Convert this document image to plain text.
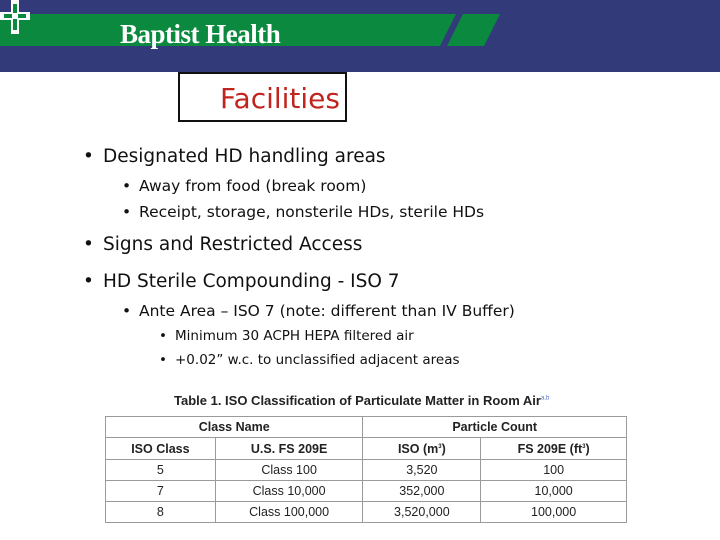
Baptist Health
Facilities
• Designated HD handling areas
• Away from food (break room)
• Receipt, storage, nonsterile HDs, sterile HDs
• Signs and Restricted Access
• HD Sterile Compounding - ISO 7
• Ante Area – ISO 7 (note: different than IV Buffer)
• Minimum 30 ACPH HEPA filtered air
• +0.02” w.c. to unclassified adjacent areas
Table 1. ISO Classification of Particulate Matter in Room Air$^{a,b}$
Class Name		Particle Count	
ISO Class	U.S. FS 209E	ISO $(m^3)$	FS 209E $(ft^3)$
5	Class 100	3,520	100
7	Class 10,000	352,000	10,000
8	Class 100,000	3,520,000	100,000
